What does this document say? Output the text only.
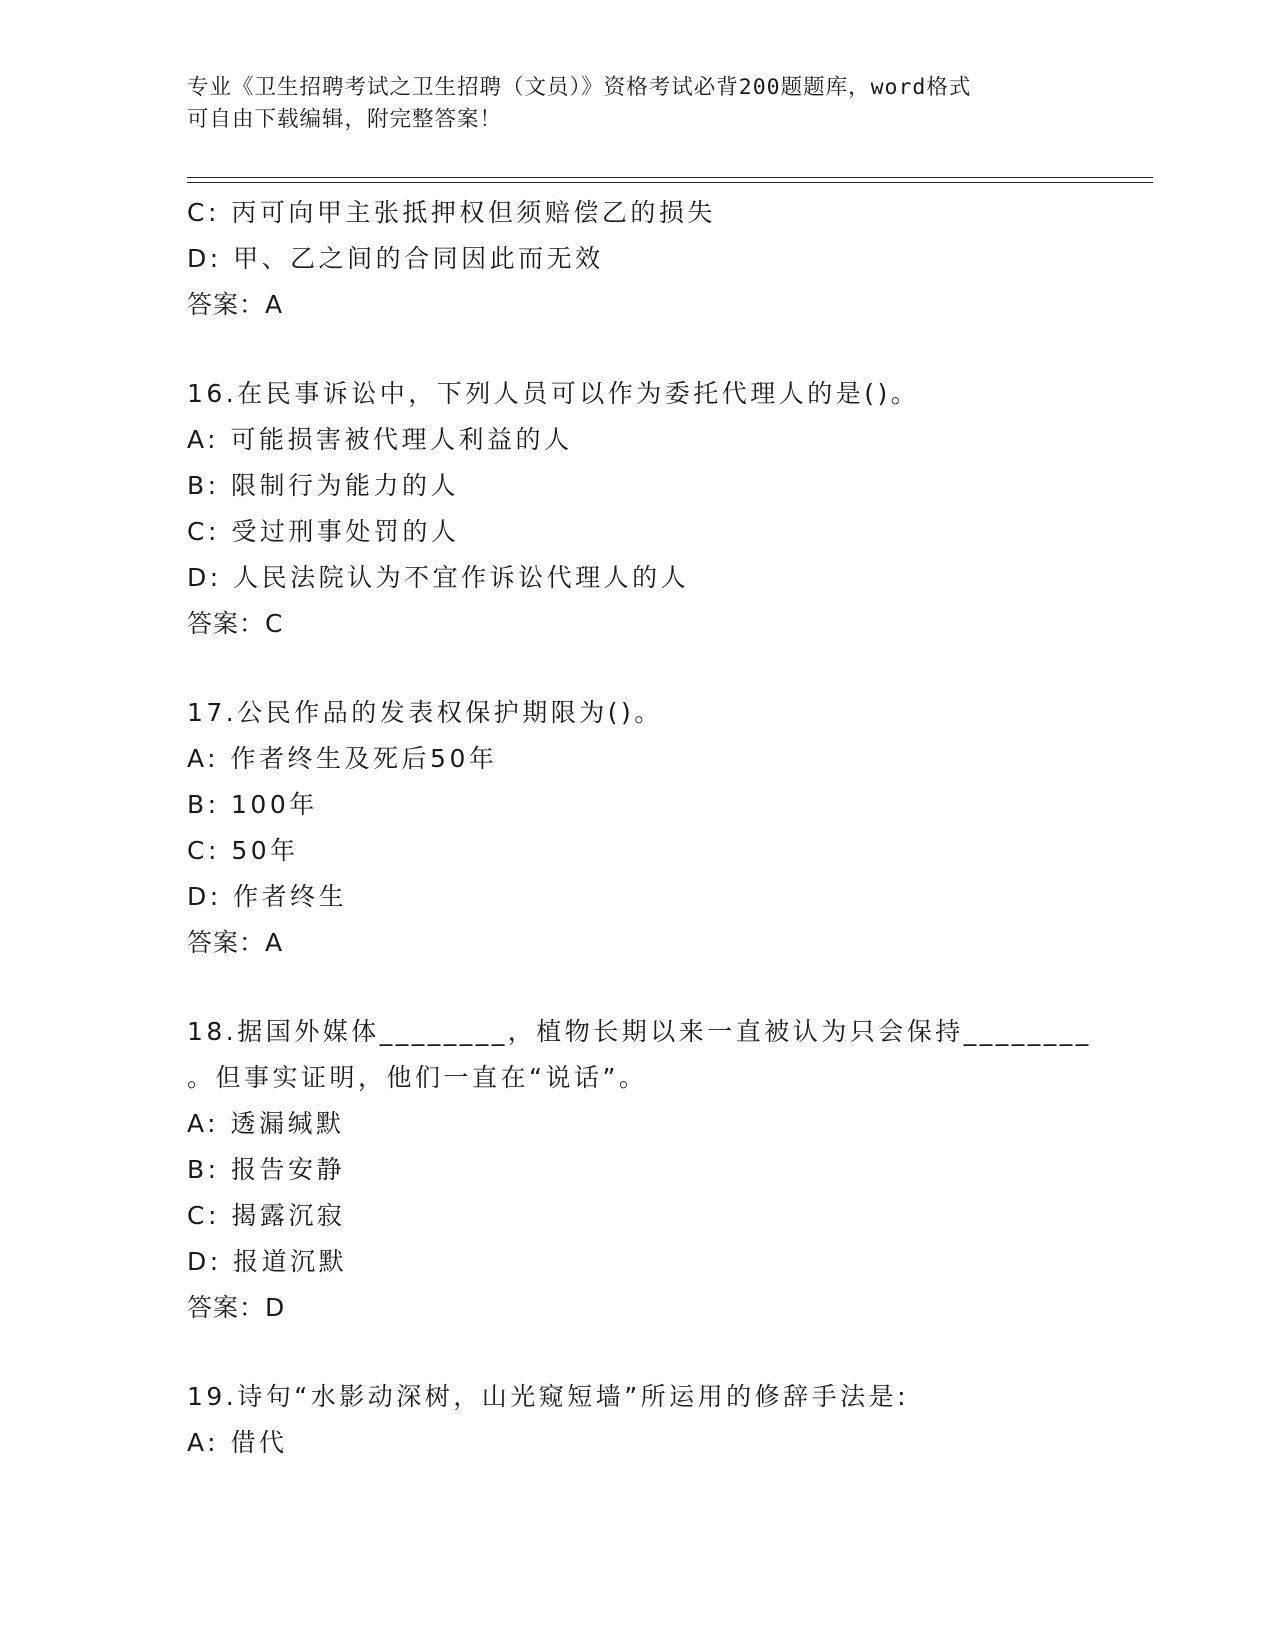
专业《卫生招聘考试之卫生招聘（文员）》资格考试必背200题题库，word格式
可自由下载编辑，附完整答案！
C: 丙可向甲主张抵押权但须赔偿乙的损失
D: 甲、乙之间的合同因此而无效
答案：A
16.在民事诉讼中，下列人员可以作为委托代理人的是()。
A: 可能损害被代理人利益的人
B: 限制行为能力的人
C: 受过刑事处罚的人
D: 人民法院认为不宜作诉讼代理人的人
答案：C
17.公民作品的发表权保护期限为()。
A: 作者终生及死后50年
B: 100年
C: 50年
D: 作者终生
答案：A
18.据国外媒体________，植物长期以来一直被认为只会保持________
。但事实证明，他们一直在“说话”。
A: 透漏缄默
B: 报告安静
C: 揭露沉寂
D: 报道沉默
答案：D
19.诗句“水影动深树，山光窥短墙”所运用的修辞手法是:
A: 借代
